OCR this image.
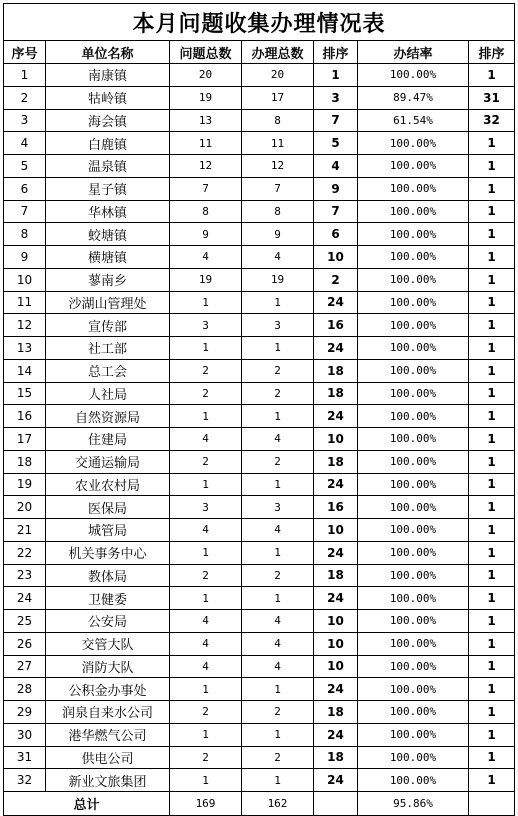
本月问题收集办理情况表						
序号	单位名称	问题总数	办理总数	排序	办结率	排序
1	南康镇	20	20	1	100.00%	1
2	牯岭镇	19	17	3	89.47%	31
3	海会镇	13	8	7	61.54%	32
4	白鹿镇	11	11	5	100.00%	1
5	温泉镇	12	12	4	100.00%	1
6	星子镇	7	7	9	100.00%	1
7	华林镇	8	8	7	100.00%	1
8	蛟塘镇	9	9	6	100.00%	1
9	横塘镇	4	4	10	100.00%	1
10	蓼南乡	19	19	2	100.00%	1
11	沙湖山管理处	1	1	24	100.00%	1
12	宣传部	3	3	16	100.00%	1
13	社工部	1	1	24	100.00%	1
14	总工会	2	2	18	100.00%	1
15	人社局	2	2	18	100.00%	1
16	自然资源局	1	1	24	100.00%	1
17	住建局	4	4	10	100.00%	1
18	交通运输局	2	2	18	100.00%	1
19	农业农村局	1	1	24	100.00%	1
20	医保局	3	3	16	100.00%	1
21	城管局	4	4	10	100.00%	1
22	机关事务中心	1	1	24	100.00%	1
23	教体局	2	2	18	100.00%	1
24	卫健委	1	1	24	100.00%	1
25	公安局	4	4	10	100.00%	1
26	交管大队	4	4	10	100.00%	1
27	消防大队	4	4	10	100.00%	1
28	公积金办事处	1	1	24	100.00%	1
29	润泉自来水公司	2	2	18	100.00%	1
30	港华燃气公司	1	1	24	100.00%	1
31	供电公司	2	2	18	100.00%	1
32	新业文旅集团	1	1	24	100.00%	1
总计		169	162		95.86%	
